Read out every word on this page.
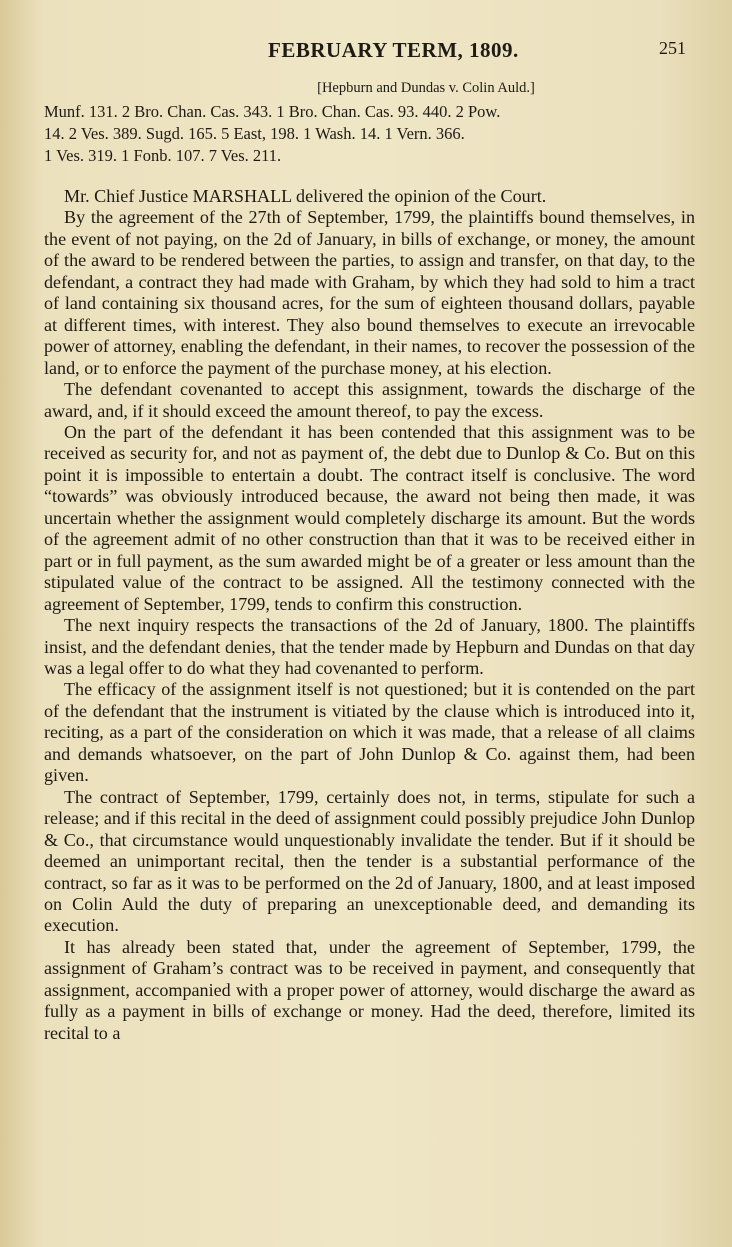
FEBRUARY TERM, 1809.	251
[Hepburn and Dundas v. Colin Auld.]
Munf. 131. 2 Bro. Chan. Cas. 343. 1 Bro. Chan. Cas. 93. 440. 2 Pow.
14. 2 Ves. 389. Sugd. 165. 5 East, 198. 1 Wash. 14. 1 Vern. 366.
1 Ves. 319. 1 Fonb. 107. 7 Ves. 211.

Mr. Chief Justice MARSHALL delivered the opinion of the Court.

By the agreement of the 27th of September, 1799, the plaintiffs bound themselves, in the event of not paying, on the 2d of January, in bills of exchange, or money, the amount of the award to be rendered between the parties, to assign and transfer, on that day, to the defendant, a contract they had made with Graham, by which they had sold to him a tract of land containing six thousand acres, for the sum of eighteen thousand dollars, payable at different times, with interest. They also bound themselves to execute an irrevocable power of attorney, enabling the defendant, in their names, to recover the possession of the land, or to enforce the payment of the purchase money, at his election.

The defendant covenanted to accept this assignment, towards the discharge of the award, and, if it should exceed the amount thereof, to pay the excess.

On the part of the defendant it has been contended that this assignment was to be received as security for, and not as payment of, the debt due to Dunlop & Co. But on this point it is impossible to entertain a doubt. The contract itself is conclusive. The word “towards” was obviously introduced because, the award not being then made, it was uncertain whether the assignment would completely discharge its amount. But the words of the agreement admit of no other construction than that it was to be received either in part or in full payment, as the sum awarded might be of a greater or less amount than the stipulated value of the contract to be assigned. All the testimony connected with the agreement of September, 1799, tends to confirm this construction.

The next inquiry respects the transactions of the 2d of January, 1800. The plaintiffs insist, and the defendant denies, that the tender made by Hepburn and Dundas on that day was a legal offer to do what they had covenanted to perform.

The efficacy of the assignment itself is not questioned; but it is contended on the part of the defendant that the instrument is vitiated by the clause which is introduced into it, reciting, as a part of the consideration on which it was made, that a release of all claims and demands whatsoever, on the part of John Dunlop & Co. against them, had been given.

The contract of September, 1799, certainly does not, in terms, stipulate for such a release; and if this recital in the deed of assignment could possibly prejudice John Dunlop & Co., that circumstance would unquestionably invalidate the tender. But if it should be deemed an unimportant recital, then the tender is a substantial performance of the contract, so far as it was to be performed on the 2d of January, 1800, and at least imposed on Colin Auld the duty of preparing an unexceptionable deed, and demanding its execution.

It has already been stated that, under the agreement of September, 1799, the assignment of Graham’s contract was to be received in payment, and consequently that assignment, accompanied with a proper power of attorney, would discharge the award as fully as a payment in bills of exchange or money. Had the deed, therefore, limited its recital to a
